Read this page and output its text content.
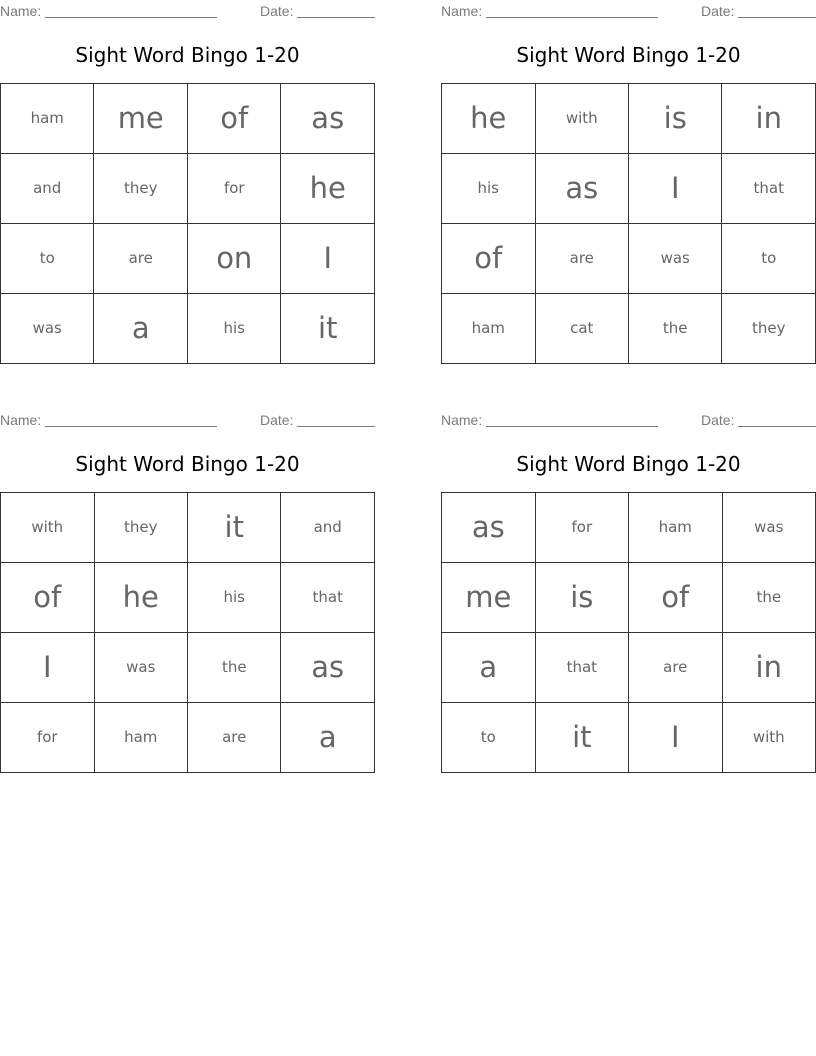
Name:	Date:
Sight Word Bingo 1-20
ham	me	of	as
and	they	for	he
to	are	on	I
was	a	his	it
Name:	Date:
Sight Word Bingo 1-20
he	with	is	in
his	as	I	that
of	are	was	to
ham	cat	the	they
Name:	Date:
Sight Word Bingo 1-20
with	they	it	and
of	he	his	that
I	was	the	as
for	ham	are	a
Name:	Date:
Sight Word Bingo 1-20
as	for	ham	was
me	is	of	the
a	that	are	in
to	it	I	with
